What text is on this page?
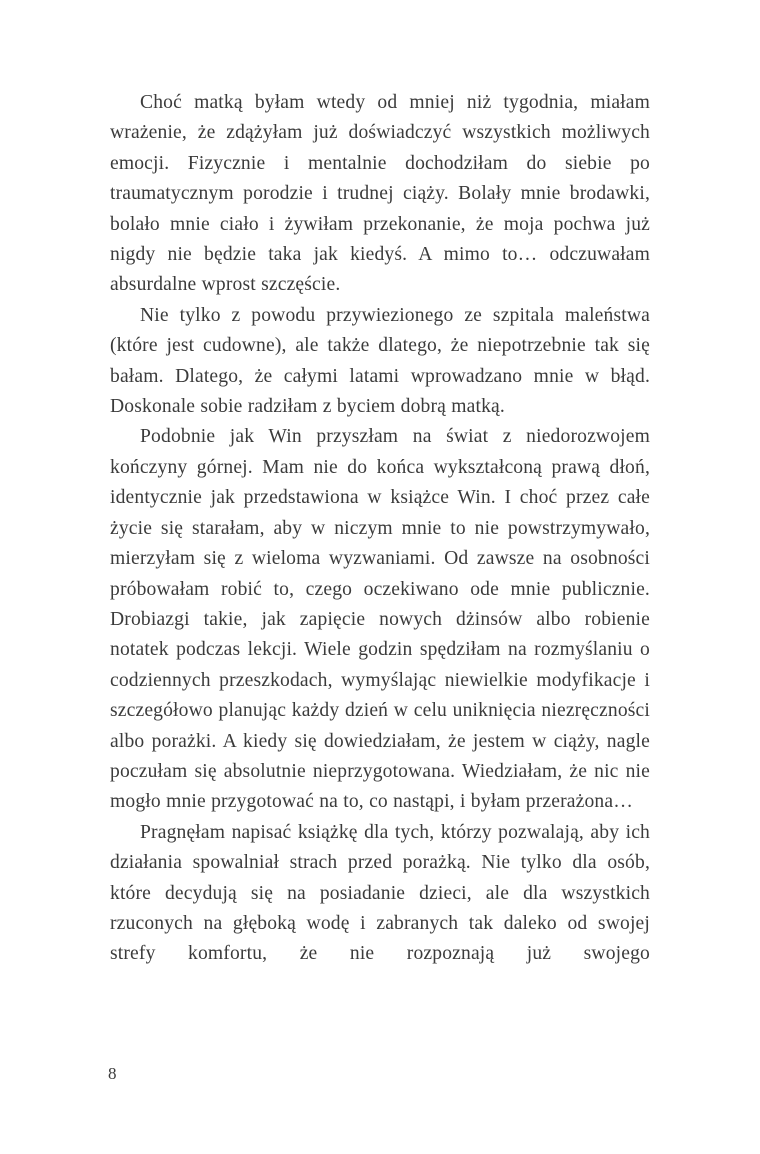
Choć matką byłam wtedy od mniej niż tygodnia, miałam wrażenie, że zdążyłam już doświadczyć wszystkich możliwych emocji. Fizycznie i mentalnie dochodziłam do siebie po traumatycznym porodzie i trudnej ciąży. Bolały mnie brodawki, bolało mnie ciało i żywiłam przekonanie, że moja pochwa już nigdy nie będzie taka jak kiedyś. A mimo to… odczuwałam absurdalne wprost szczęście.

Nie tylko z powodu przywiezionego ze szpitala maleństwa (które jest cudowne), ale także dlatego, że niepotrzebnie tak się bałam. Dlatego, że całymi latami wprowadzano mnie w błąd. Doskonale sobie radziłam z byciem dobrą matką.

Podobnie jak Win przyszłam na świat z niedorozwojem kończyny górnej. Mam nie do końca wykształconą prawą dłoń, identycznie jak przedstawiona w książce Win. I choć przez całe życie się starałam, aby w niczym mnie to nie powstrzymywało, mierzyłam się z wieloma wyzwaniami. Od zawsze na osobności próbowałam robić to, czego oczekiwano ode mnie publicznie. Drobiazgi takie, jak zapięcie nowych dżinsów albo robienie notatek podczas lekcji. Wiele godzin spędziłam na rozmyślaniu o codziennych przeszkodach, wymyślając niewielkie modyfikacje i szczegółowo planując każdy dzień w celu uniknięcia niezręczności albo porażki. A kiedy się dowiedziałam, że jestem w ciąży, nagle poczułam się absolutnie nieprzygotowana. Wiedziałam, że nic nie mogło mnie przygotować na to, co nastąpi, i byłam przerażona…

Pragnęłam napisać książkę dla tych, którzy pozwalają, aby ich działania spowalniał strach przed porażką. Nie tylko dla osób, które decydują się na posiadanie dzieci, ale dla wszystkich rzuconych na głęboką wodę i zabranych tak daleko od swojej strefy komfortu, że nie rozpoznają już swojego

8
